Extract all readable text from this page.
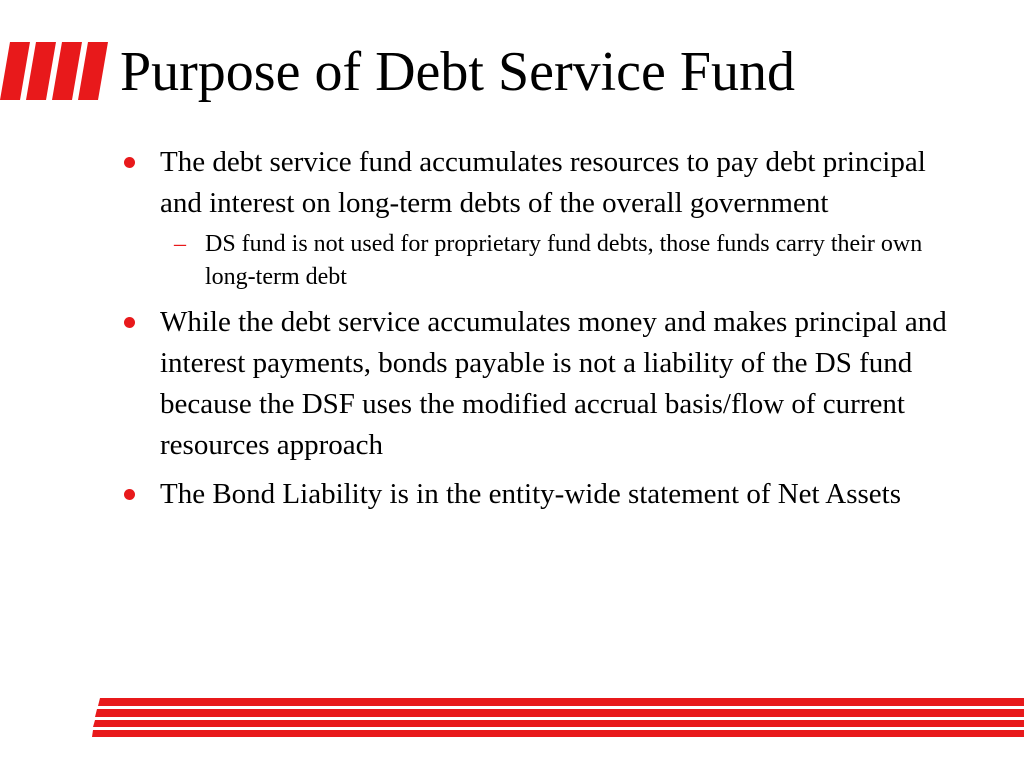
Purpose of Debt Service Fund
The debt service fund accumulates resources to pay debt principal and interest on long-term debts of the overall government
– DS fund is not used for proprietary fund debts, those funds carry their own long-term debt
While the debt service accumulates money and makes principal and interest payments, bonds payable is not a liability of the DS fund because the DSF uses the modified accrual basis/flow of current resources approach
The Bond Liability is in the entity-wide statement of Net Assets
